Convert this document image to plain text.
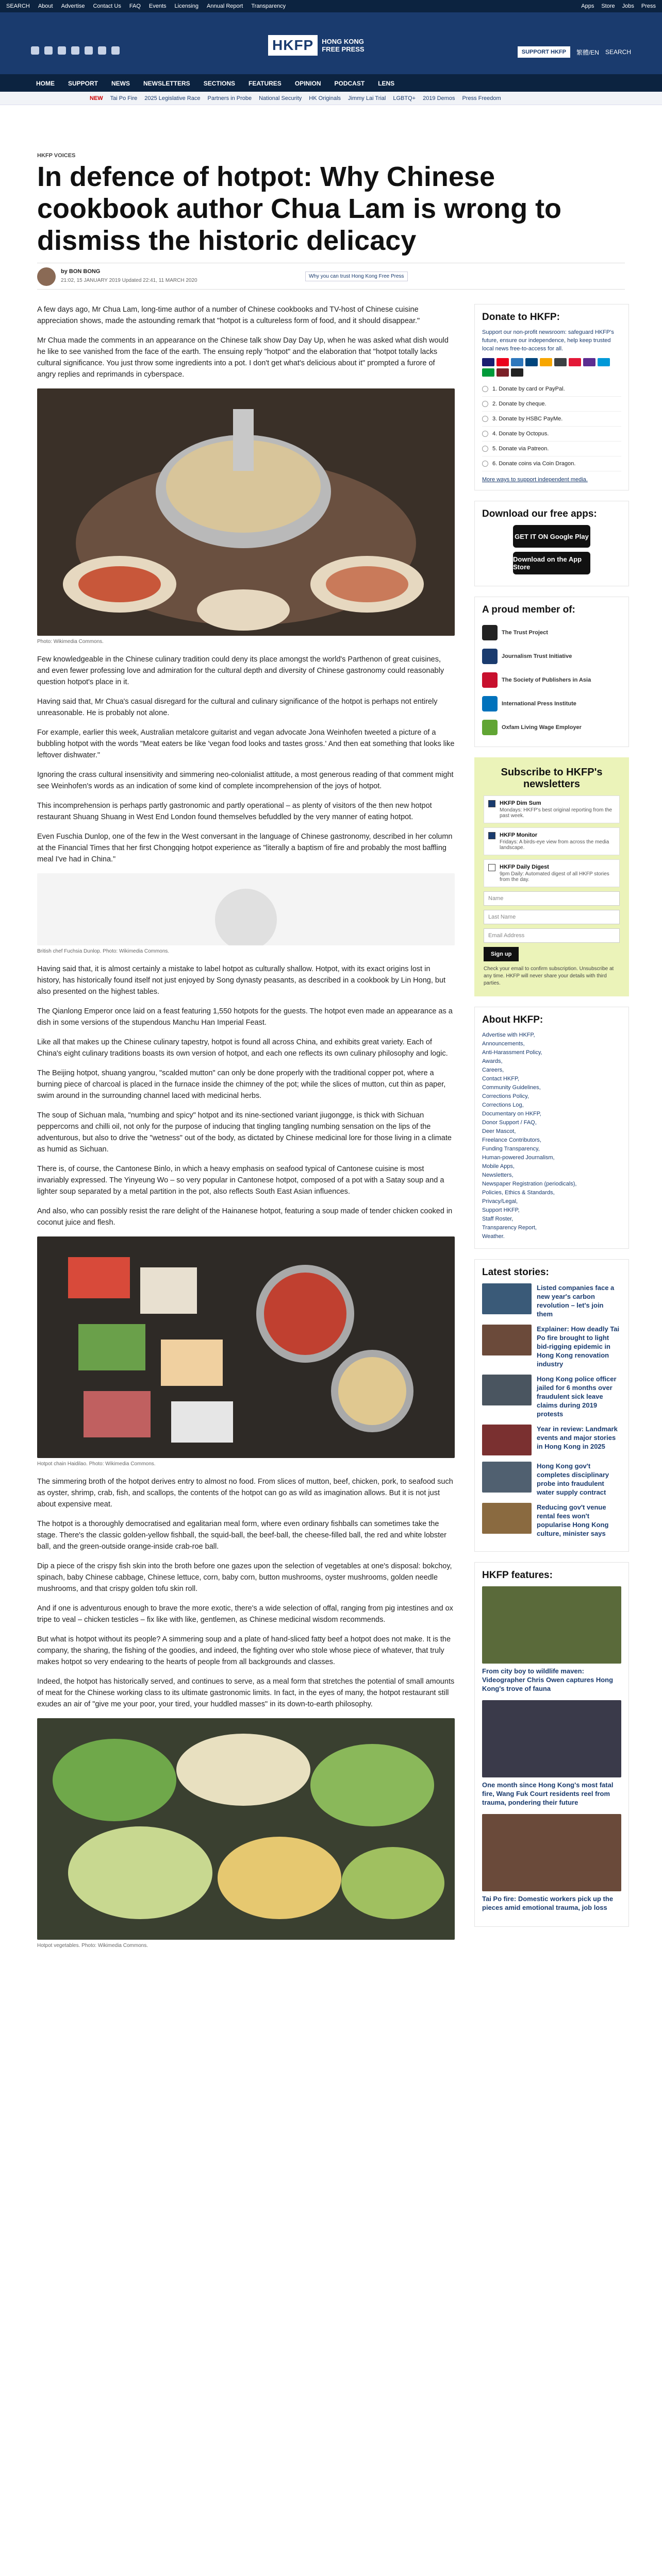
SEARCH About Advertise Contact Us FAQ Events Licensing Annual Report Transparency	Apps Store Jobs Press
HKFP	HONG KONG
FREE PRESS	SUPPORT HKFP	繁體/EN SEARCH
HOME SUPPORT NEWS NEWSLETTERS SECTIONS FEATURES OPINION PODCAST LENS
NEW Tai Po Fire 2025 Legislative Race Partners in Probe National Security HK Originals Jimmy Lai Trial LGBTQ+ 2019 Demos Press Freedom
HKFP VOICES
In defence of hotpot: Why Chinese cookbook author Chua Lam is wrong to dismiss the historic delicacy
by BON BONG
21:02, 15 JANUARY 2019 Updated 22:41, 11 MARCH 2020
Why you can trust Hong Kong Free Press

A few days ago, Mr Chua Lam, long-time author of a number of Chinese cookbooks and TV-host of Chinese cuisine appreciation shows, made the astounding remark that "hotpot is a cultureless form of food, and it should disappear."

Mr Chua made the comments in an appearance on the Chinese talk show Day Day Up, when he was asked what dish would he like to see vanished from the face of the earth. The ensuing reply "hotpot" and the elaboration that "hotpot totally lacks cultural significance. You just throw some ingredients into a pot. I don't get what's delicious about it" prompted a furore of angry replies and reprimands in cyberspace.

Photo: Wikimedia Commons.

Few knowledgeable in the Chinese culinary tradition could deny its place amongst the world's Parthenon of great cuisines, and even fewer professing love and admiration for the cultural depth and diversity of Chinese gastronomy could reasonably question hotpot's place in it.

Having said that, Mr Chua's casual disregard for the cultural and culinary significance of the hotpot is perhaps not entirely unreasonable. He is probably not alone.

For example, earlier this week, Australian metalcore guitarist and vegan advocate Jona Weinhofen tweeted a picture of a bubbling hotpot with the words "Meat eaters be like 'vegan food looks and tastes gross.' And then eat something that looks like leftover dishwater."

Ignoring the crass cultural insensitivity and simmering neo-colonialist attitude, a most generous reading of that comment might see Weinhofen's words as an indication of some kind of complete incomprehension of the joys of hotpot.

This incomprehension is perhaps partly gastronomic and partly operational – as plenty of visitors of the then new hotpot restaurant Shuang Shuang in West End London found themselves befuddled by the very manner of eating hotpot.

Even Fuschia Dunlop, one of the few in the West conversant in the language of Chinese gastronomy, described in her column at the Financial Times that her first Chongqing hotpot experience as "literally a baptism of fire and probably the most baffling meal I've had in China."

British chef Fuchsia Dunlop. Photo: Wikimedia Commons.

Having said that, it is almost certainly a mistake to label hotpot as culturally shallow. Hotpot, with its exact origins lost in history, has historically found itself not just enjoyed by Song dynasty peasants, as described in a cookbook by Lin Hong, but also presented on the highest tables.

The Qianlong Emperor once laid on a feast featuring 1,550 hotpots for the guests. The hotpot even made an appearance as a dish in some versions of the stupendous Manchu Han Imperial Feast.

Like all that makes up the Chinese culinary tapestry, hotpot is found all across China, and exhibits great variety. Each of China's eight culinary traditions boasts its own version of hotpot, and each one reflects its own culinary philosophy and logic.

The Beijing hotpot, shuang yangrou, "scalded mutton" can only be done properly with the traditional copper pot, where a burning piece of charcoal is placed in the furnace inside the chimney of the pot; while the slices of mutton, cut thin as paper, swim around in the surrounding channel laced with medicinal herbs.

The soup of Sichuan mala, "numbing and spicy" hotpot and its nine-sectioned variant jiugongge, is thick with Sichuan peppercorns and chilli oil, not only for the purpose of inducing that tingling tangling numbing sensation on the lips of the adventurous, but also to drive the "wetness" out of the body, as dictated by Chinese medicinal lore for those living in a climate as humid as Sichuan.

There is, of course, the Cantonese Binlo, in which a heavy emphasis on seafood typical of Cantonese cuisine is most invariably expressed. The Yinyeung Wo – so very popular in Cantonese hotpot, composed of a pot with a Satay soup and a lighter soup separated by a metal partition in the pot, also reflects South East Asian influences.

And also, who can possibly resist the rare delight of the Hainanese hotpot, featuring a soup made of tender chicken cooked in coconut juice and flesh.

Hotpot chain Haidilao. Photo: Wikimedia Commons.

The simmering broth of the hotpot derives entry to almost no food. From slices of mutton, beef, chicken, pork, to seafood such as oyster, shrimp, crab, fish, and scallops, the contents of the hotpot can go as wild as imagination allows. But it is not just about expensive meat.

The hotpot is a thoroughly democratised and egalitarian meal form, where even ordinary fishballs can sometimes take the stage. There's the classic golden-yellow fishball, the squid-ball, the beef-ball, the cheese-filled ball, the red and white lobster ball, and the green-outside orange-inside crab-roe ball.

Dip a piece of the crispy fish skin into the broth before one gazes upon the selection of vegetables at one's disposal: bokchoy, spinach, baby Chinese cabbage, Chinese lettuce, corn, baby corn, button mushrooms, oyster mushrooms, golden needle mushrooms, and that crispy golden tofu skin roll.

And if one is adventurous enough to brave the more exotic, there's a wide selection of offal, ranging from pig intestines and ox tripe to veal – chicken testicles – fix like with like, gentlemen, as Chinese medicinal wisdom recommends.

But what is hotpot without its people? A simmering soup and a plate of hand-sliced fatty beef a hotpot does not make. It is the company, the sharing, the fishing of the goodies, and indeed, the fighting over who stole whose piece of whatever, that truly makes hotpot so very endearing to the hearts of people from all backgrounds and classes.

Indeed, the hotpot has historically served, and continues to serve, as a meal form that stretches the potential of small amounts of meat for the Chinese working class to its ultimate gastronomic limits. In fact, in the eyes of many, the hotpot restaurant still exudes an air of "give me your poor, your tired, your huddled masses" in its down-to-earth philosophy.

Hotpot vegetables. Photo: Wikimedia Commons.
Donate to HKFP:
Support our non-profit newsroom: safeguard HKFP's future, ensure our independence, help keep trusted local news free-to-access for all.
1. Donate by card or PayPal.
2. Donate by cheque.
3. Donate by HSBC PayMe.
4. Donate by Octopus.
5. Donate via Patreon.
6. Donate coins via Coin Dragon.
More ways to support independent media.
Download our free apps:
GET IT ON Google Play
Download on the App Store
A proud member of:
The Trust Project
Journalism Trust Initiative
The Society of Publishers in Asia
International Press Institute
Oxfam Living Wage Employer
Subscribe to HKFP's newsletters
HKFP Dim Sum
Mondays: HKFP's best original reporting from the past week.
HKFP Monitor
Fridays: A birds-eye view from across the media landscape.
HKFP Daily Digest
9pm Daily: Automated digest of all HKFP stories from the day.
Name
Last Name
Email Address
Sign up
Check your email to confirm subscription. Unsubscribe at any time. HKFP will never share your details with third parties.
About HKFP:
Advertise with HKFP,
Announcements,
Anti-Harassment Policy,
Awards,
Careers,
Contact HKFP,
Community Guidelines,
Corrections Policy,
Corrections Log,
Documentary on HKFP,
Donor Support / FAQ,
Deer Mascot,
Freelance Contributors,
Funding Transparency,
Human-powered Journalism,
Mobile Apps,
Newsletters,
Newspaper Registration (periodicals),
Policies, Ethics & Standards,
Privacy/Legal,
Support HKFP,
Staff Roster,
Transparency Report,
Weather.
Latest stories:
Listed companies face a new year's carbon revolution – let's join them
Explainer: How deadly Tai Po fire brought to light bid-rigging epidemic in Hong Kong renovation industry
Hong Kong police officer jailed for 6 months over fraudulent sick leave claims during 2019 protests
Year in review: Landmark events and major stories in Hong Kong in 2025
Hong Kong gov't completes disciplinary probe into fraudulent water supply contract
Reducing gov't venue rental fees won't popularise Hong Kong culture, minister says
HKFP features:
From city boy to wildlife maven: Videographer Chris Owen captures Hong Kong's trove of fauna
One month since Hong Kong's most fatal fire, Wang Fuk Court residents reel from trauma, pondering their future
Tai Po fire: Domestic workers pick up the pieces amid emotional trauma, job loss
